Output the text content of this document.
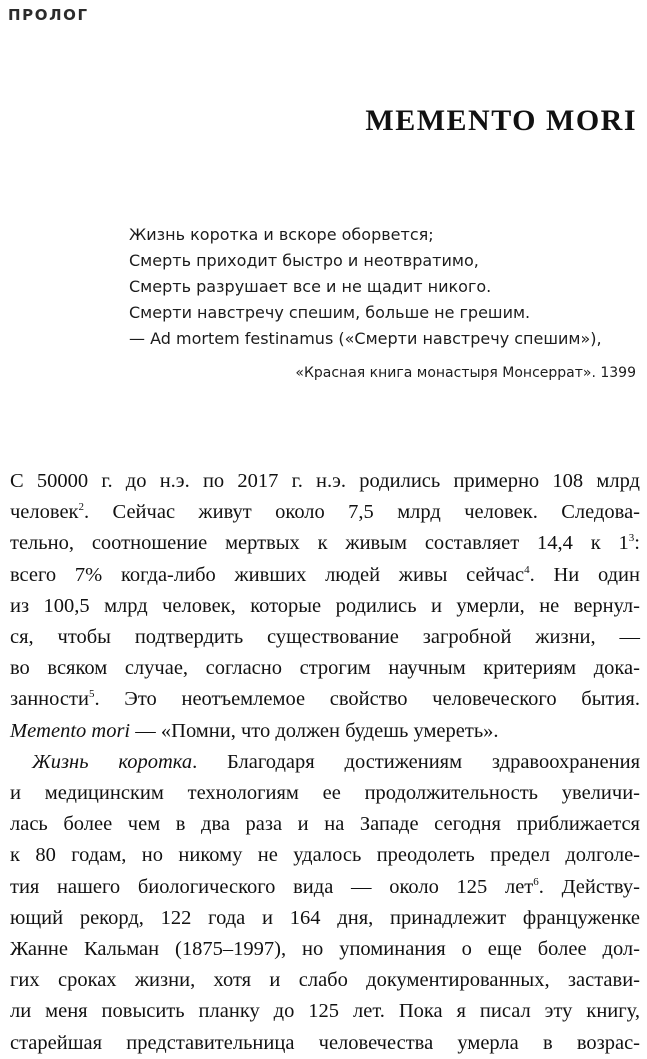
ПРОЛОГ
MEMENTO MORI
Жизнь коротка и вскоре оборвется;
Смерть приходит быстро и неотвратимо,
Смерть разрушает все и не щадит никого.
Смерти навстречу спешим, больше не грешим.
— Ad mortem festinamus («Смерти навстречу спешим»),
«Красная книга монастыря Монсеррат». 1399
С 50000 г. до н.э. по 2017 г. н.э. родились примерно 108 млрд
человек$^2$. Сейчас живут около 7,5 млрд человек. Следова-
тельно, соотношение мертвых к живым составляет 14,4 к $1^3$:
всего 7% когда-либо живших людей живы сейчас$^4$. Ни один
из 100,5 млрд человек, которые родились и умерли, не вернул-
ся, чтобы подтвердить существование загробной жизни, —
во всяком случае, согласно строгим научным критериям дока-
занности$^5$. Это неотъемлемое свойство человеческого бытия.
Memento mori — «Помни, что должен будешь умереть».
Жизнь коротка. Благодаря достижениям здравоохранения
и медицинским технологиям ее продолжительность увеличи-
лась более чем в два раза и на Западе сегодня приближается
к 80 годам, но никому не удалось преодолеть предел долголе-
тия нашего биологического вида — около 125 лет$^6$. Действу-
ющий рекорд, 122 года и 164 дня, принадлежит француженке
Жанне Кальман (1875–1997), но упоминания о еще более дол-
гих сроках жизни, хотя и слабо документированных, застави-
ли меня повысить планку до 125 лет. Пока я писал эту книгу,
старейшая представительница человечества умерла в возрас-
